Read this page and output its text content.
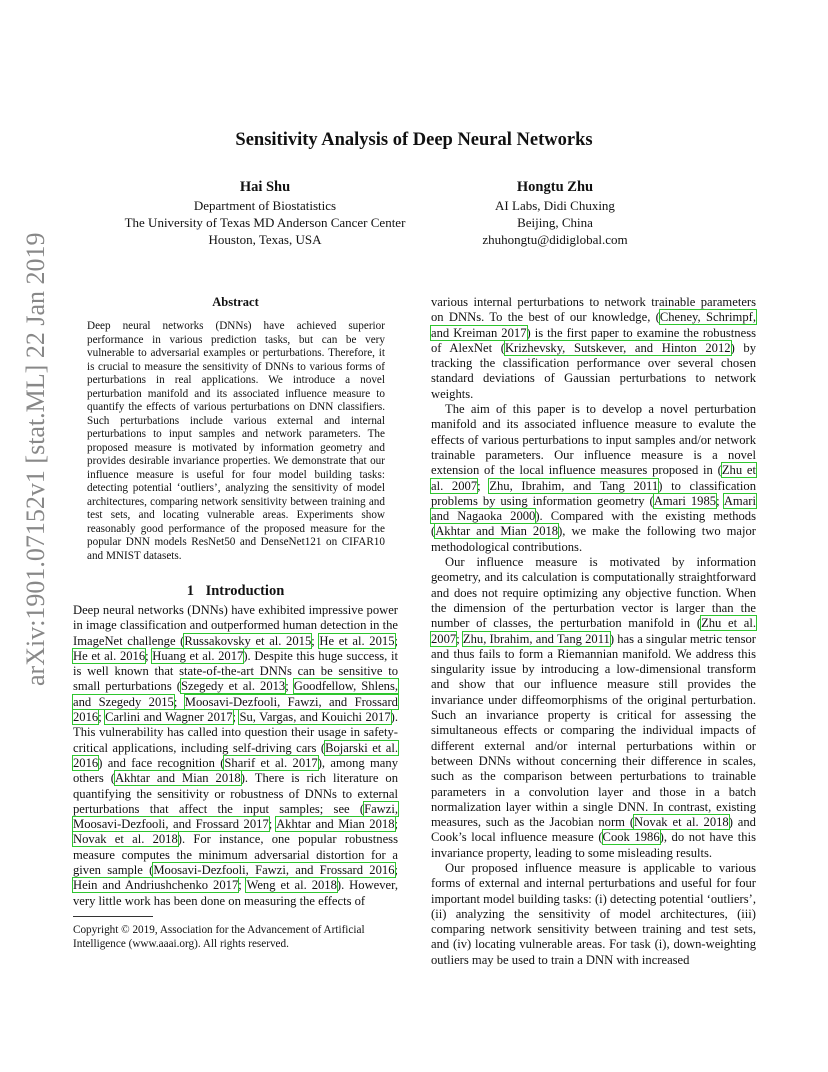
Sensitivity Analysis of Deep Neural Networks
Hai Shu
Department of Biostatistics
The University of Texas MD Anderson Cancer Center
Houston, Texas, USA
Hongtu Zhu
AI Labs, Didi Chuxing
Beijing, China
zhuhongtu@didiglobal.com
arXiv:1901.07152v1 [stat.ML] 22 Jan 2019	Abstract
Deep neural networks (DNNs) have achieved superior performance in various prediction tasks, but can be very vulnerable to adversarial examples or perturbations. Therefore, it is crucial to measure the sensitivity of DNNs to various forms of perturbations in real applications. We introduce a novel perturbation manifold and its associated influence measure to quantify the effects of various perturbations on DNN classifiers. Such perturbations include various external and internal perturbations to input samples and network parameters. The proposed measure is motivated by information geometry and provides desirable invariance properties. We demonstrate that our influence measure is useful for four model building tasks: detecting potential ‘outliers’, analyzing the sensitivity of model architectures, comparing network sensitivity between training and test sets, and locating vulnerable areas. Experiments show reasonably good performance of the proposed measure for the popular DNN models ResNet50 and DenseNet121 on CIFAR10 and MNIST datasets.
1 Introduction

Deep neural networks (DNNs) have exhibited impressive power in image classification and outperformed human detection in the ImageNet challenge (Russakovsky et al. 2015; He et al. 2015; He et al. 2016; Huang et al. 2017). Despite this huge success, it is well known that state-of-the-art DNNs can be sensitive to small perturbations (Szegedy et al. 2013; Goodfellow, Shlens, and Szegedy 2015; Moosavi-Dezfooli, Fawzi, and Frossard 2016; Carlini and Wagner 2017; Su, Vargas, and Kouichi 2017). This vulnerability has called into question their usage in safety-critical applications, including self-driving cars (Bojarski et al. 2016) and face recognition (Sharif et al. 2017), among many others (Akhtar and Mian 2018). There is rich literature on quantifying the sensitivity or robustness of DNNs to external perturbations that affect the input samples; see (Fawzi, Moosavi-Dezfooli, and Frossard 2017; Akhtar and Mian 2018; Novak et al. 2018). For instance, one popular robustness measure computes the minimum adversarial distortion for a given sample (Moosavi-Dezfooli, Fawzi, and Frossard 2016; Hein and Andriushchenko 2017; Weng et al. 2018). However, very little work has been done on measuring the effects of

Copyright © 2019, Association for the Advancement of Artificial Intelligence (www.aaai.org). All rights reserved.

various internal perturbations to network trainable parameters on DNNs. To the best of our knowledge, (Cheney, Schrimpf, and Kreiman 2017) is the first paper to examine the robustness of AlexNet (Krizhevsky, Sutskever, and Hinton 2012) by tracking the classification performance over several chosen standard deviations of Gaussian perturbations to network weights.

The aim of this paper is to develop a novel perturbation manifold and its associated influence measure to evalute the effects of various perturbations to input samples and/or network trainable parameters. Our influence measure is a novel extension of the local influence measures proposed in (Zhu et al. 2007; Zhu, Ibrahim, and Tang 2011) to classification problems by using information geometry (Amari 1985; Amari and Nagaoka 2000). Compared with the existing methods (Akhtar and Mian 2018), we make the following two major methodological contributions.

Our influence measure is motivated by information geometry, and its calculation is computationally straightforward and does not require optimizing any objective function. When the dimension of the perturbation vector is larger than the number of classes, the perturbation manifold in (Zhu et al. 2007; Zhu, Ibrahim, and Tang 2011) has a singular metric tensor and thus fails to form a Riemannian manifold. We address this singularity issue by introducing a low-dimensional transform and show that our influence measure still provides the invariance under diffeomorphisms of the original perturbation. Such an invariance property is critical for assessing the simultaneous effects or comparing the individual impacts of different external and/or internal perturbations within or between DNNs without concerning their difference in scales, such as the comparison between perturbations to trainable parameters in a convolution layer and those in a batch normalization layer within a single DNN. In contrast, existing measures, such as the Jacobian norm (Novak et al. 2018) and Cook’s local influence measure (Cook 1986), do not have this invariance property, leading to some misleading results.

Our proposed influence measure is applicable to various forms of external and internal perturbations and useful for four important model building tasks: (i) detecting potential ‘outliers’, (ii) analyzing the sensitivity of model architectures, (iii) comparing network sensitivity between training and test sets, and (iv) locating vulnerable areas. For task (i), down-weighting outliers may be used to train a DNN with increased
